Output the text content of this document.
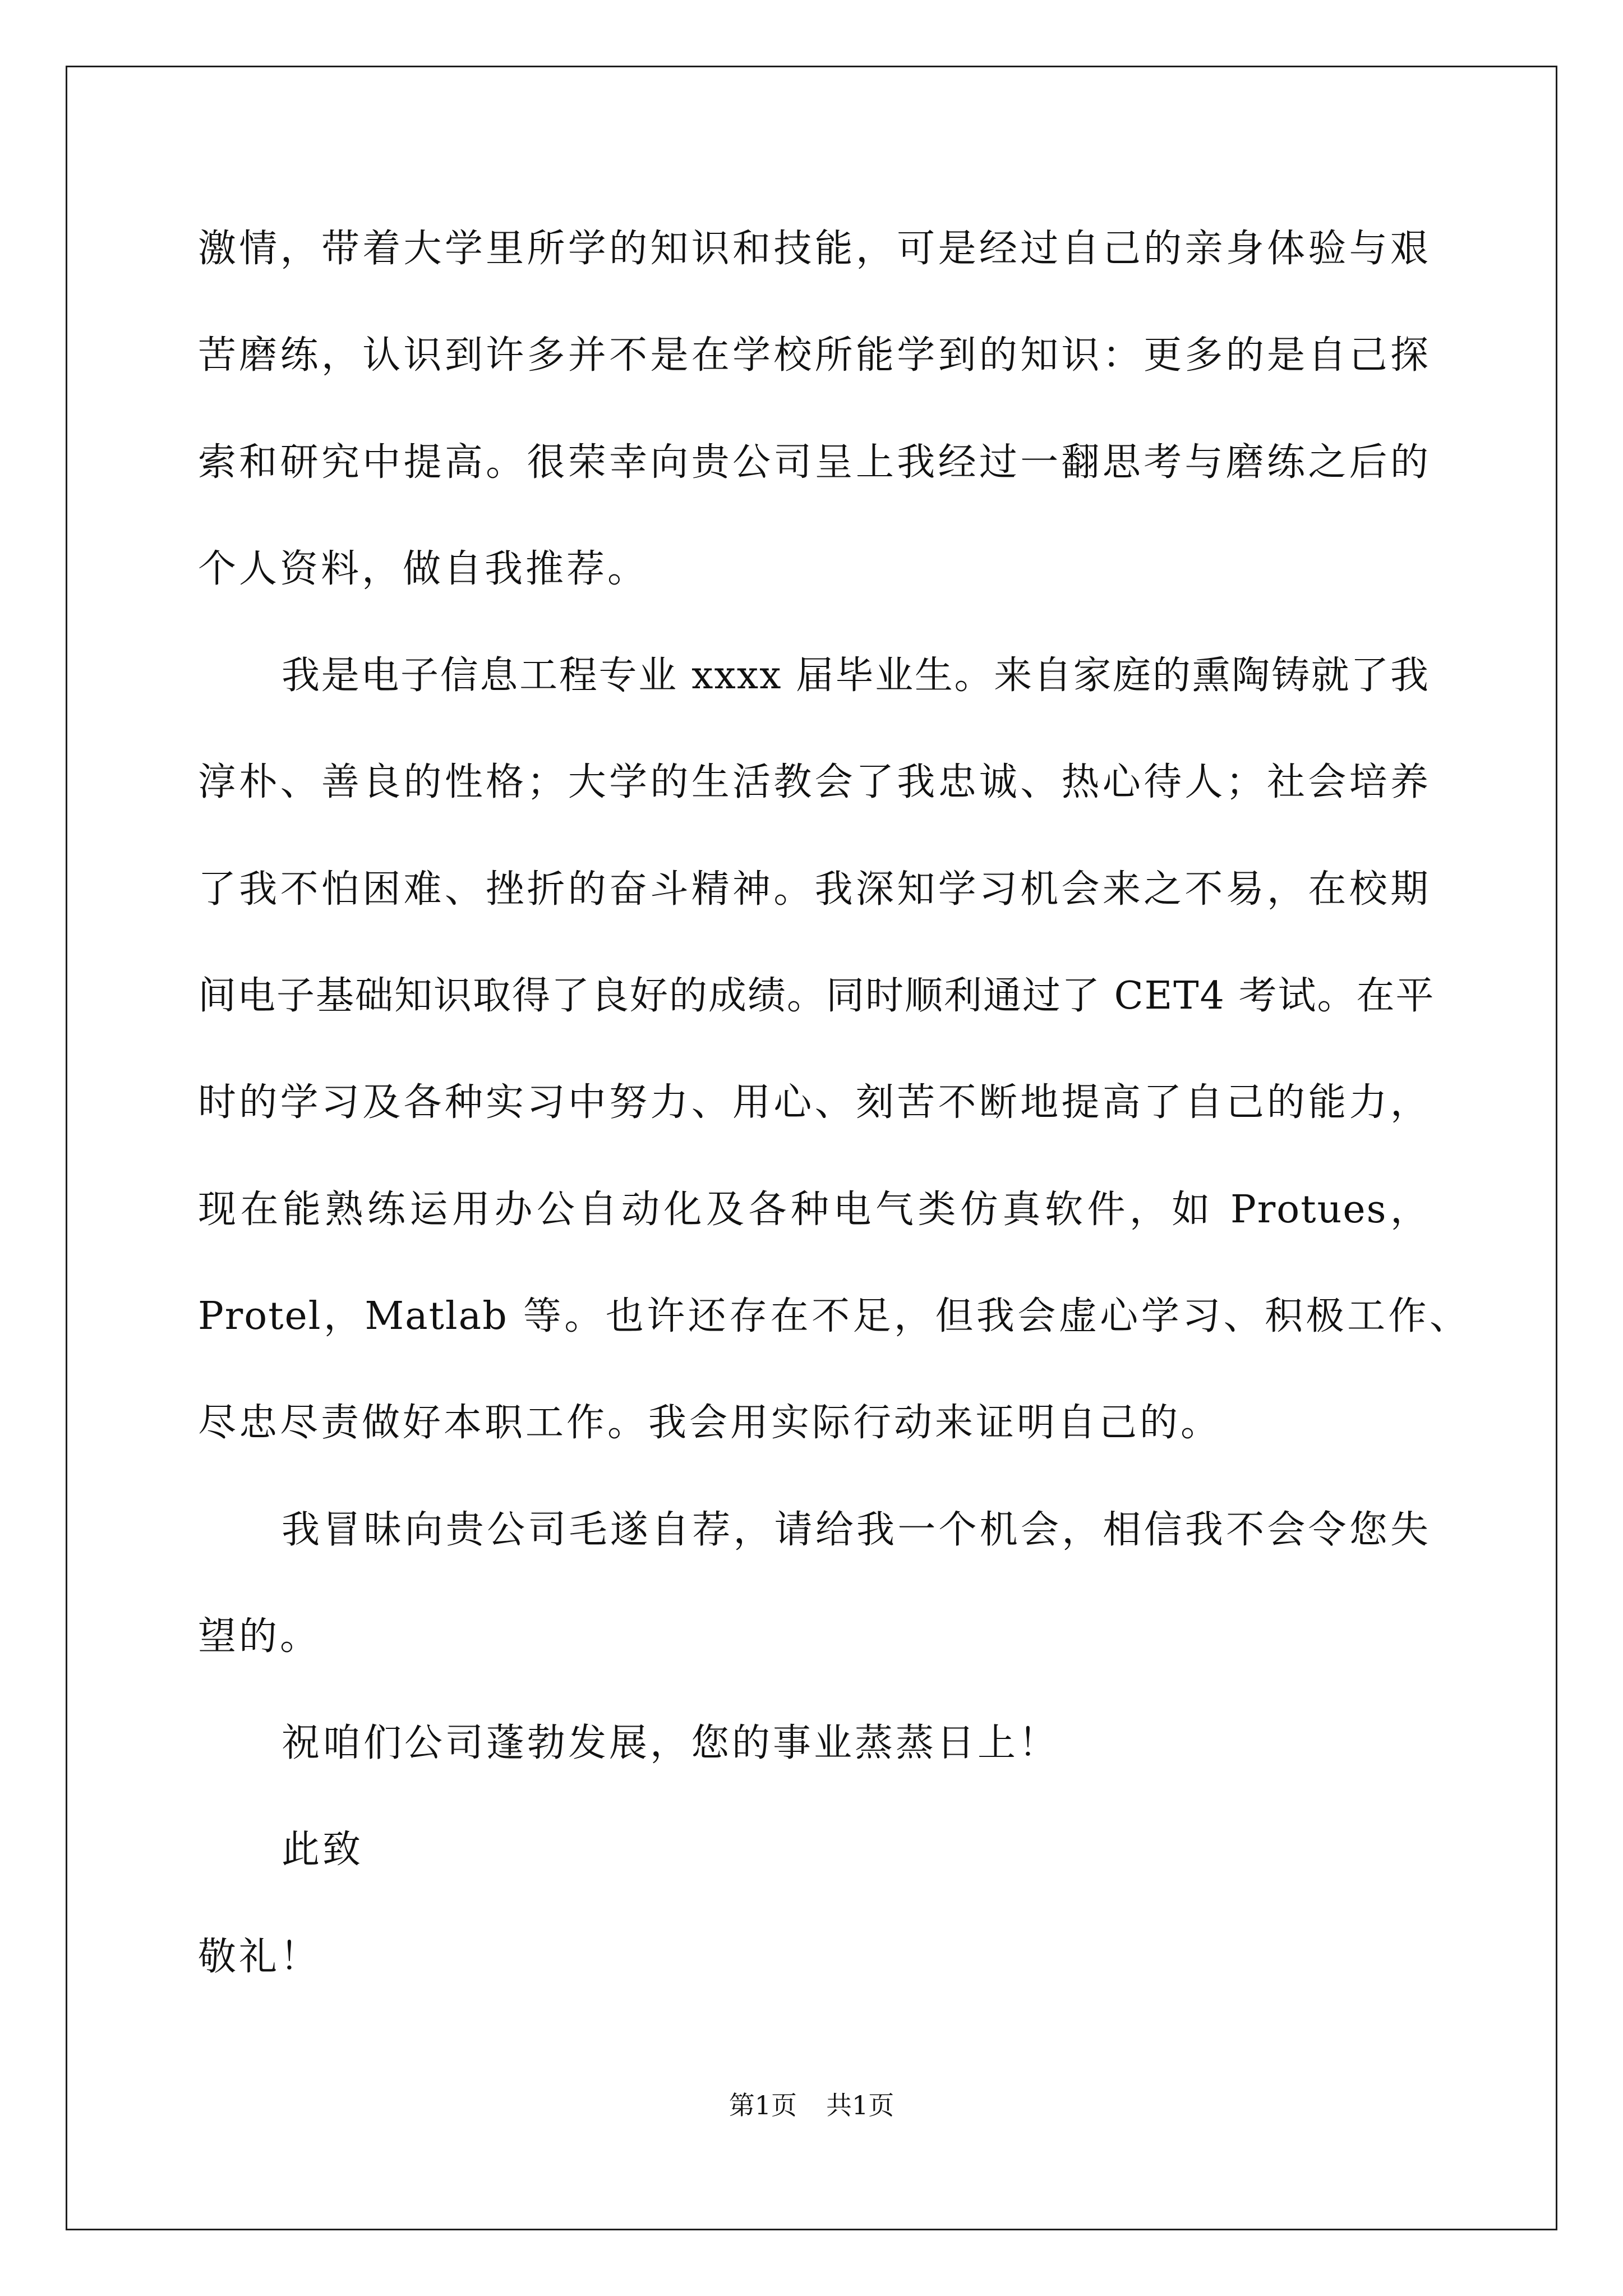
激情，带着大学里所学的知识和技能，可是经过自己的亲身体验与艰
苦磨练，认识到许多并不是在学校所能学到的知识：更多的是自己探
索和研究中提高。很荣幸向贵公司呈上我经过一翻思考与磨练之后的
个人资料，做自我推荐。
我是电子信息工程专业 xxxx 届毕业生。来自家庭的熏陶铸就了我
淳朴、善良的性格；大学的生活教会了我忠诚、热心待人；社会培养
了我不怕困难、挫折的奋斗精神。我深知学习机会来之不易，在校期
间电子基础知识取得了良好的成绩。同时顺利通过了 CET4 考试。在平
时的学习及各种实习中努力、用心、刻苦不断地提高了自己的能力，
现在能熟练运用办公自动化及各种电气类仿真软件，如 Protues，
Protel，Matlab 等。也许还存在不足，但我会虚心学习、积极工作、
尽忠尽责做好本职工作。我会用实际行动来证明自己的。
我冒昧向贵公司毛遂自荐，请给我一个机会，相信我不会令您失
望的。
祝咱们公司蓬勃发展，您的事业蒸蒸日上！
此致
敬礼！
第1页 共1页
